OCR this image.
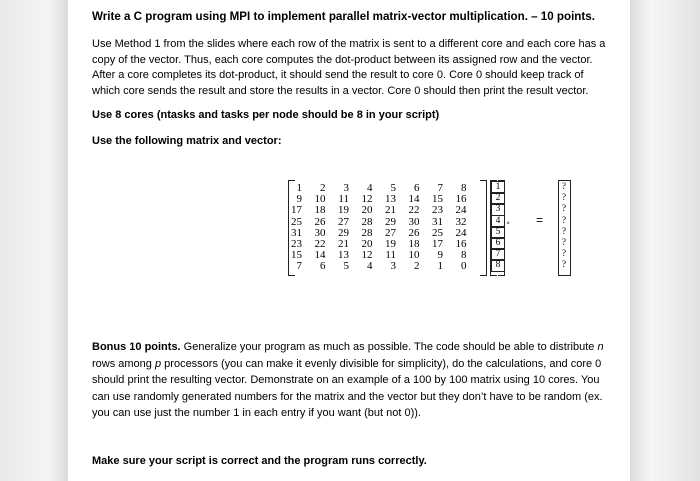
Write a C program using MPI to implement parallel matrix-vector multiplication. – 10 points.

Use Method 1 from the slides where each row of the matrix is sent to a different core and each core has a copy of the vector. Thus, each core computes the dot-product between its assigned row and the vector. After a core completes its dot-product, it should send the result to core 0. Core 0 should keep track of which core sends the result and store the results in a vector. Core 0 should then print the result vector.

Use 8 cores (ntasks and tasks per node should be 8 in your script)

Use the following matrix and vector:

∘ =
1	2	3	4	5	6	7	8
9	10	11	12	13	14	15	16
17	18	19	20	21	22	23	24
25	26	27	28	29	30	31	32
31	30	29	28	27	26	25	24
23	22	21	20	19	18	17	16
15	14	13	12	11	10	9	8
7	6	5	4	3	2	1	0
1
2
3
4
5
6
7
8
?
?
?
?
?
?
?
?
Bonus 10 points. Generalize your program as much as possible. The code should be able to distribute n rows among p processors (you can make it evenly divisible for simplicity), do the calculations, and core 0 should print the resulting vector. Demonstrate on an example of a 100 by 100 matrix using 10 cores. You can use randomly generated numbers for the matrix and the vector but they don’t have to be random (ex. you can use just the number 1 in each entry if you want (but not 0)).
Make sure your script is correct and the program runs correctly.
